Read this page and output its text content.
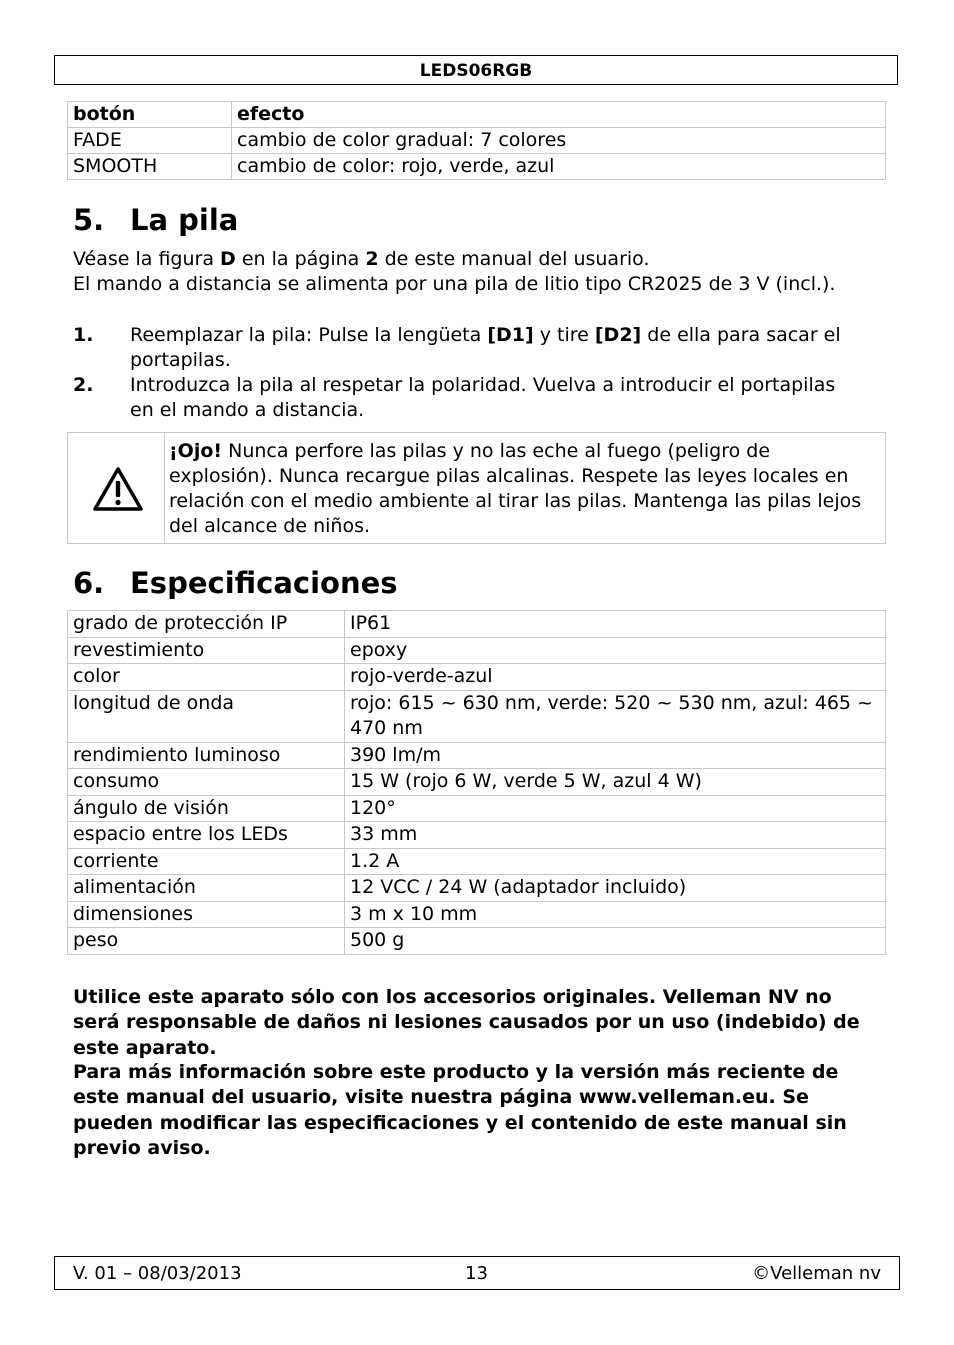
LEDS06RGB
botón	efecto
FADE	cambio de color gradual: 7 colores
SMOOTH	cambio de color: rojo, verde, azul
5. La pila

Véase la figura D en la página 2 de este manual del usuario.

El mando a distancia se alimenta por una pila de litio tipo CR2025 de 3 V (incl.).

1. Reemplazar la pila: Pulse la lengüeta [D1] y tire [D2] de ella para sacar el portapilas.
2. Introduzca la pila al respetar la polaridad. Vuelva a introducir el portapilas en el mando a distancia.
¡Ojo! Nunca perfore las pilas y no las eche al fuego (peligro de explosión). Nunca recargue pilas alcalinas. Respete las leyes locales en relación con el medio ambiente al tirar las pilas. Mantenga las pilas lejos del alcance de niños.
6. Especificaciones
grado de protección IP	IP61
revestimiento	epoxy
color	rojo-verde-azul
longitud de onda	rojo: 615 ~ 630 nm, verde: 520 ~ 530 nm, azul: 465 ~ 470 nm
rendimiento luminoso	390 lm/m
consumo	15 W (rojo 6 W, verde 5 W, azul 4 W)
ángulo de visión	120°
espacio entre los LEDs	33 mm
corriente	1.2 A
alimentación	12 VCC / 24 W (adaptador incluido)
dimensiones	3 m x 10 mm
peso	500 g
Utilice este aparato sólo con los accesorios originales. Velleman NV no será responsable de daños ni lesiones causados por un uso (indebido) de este aparato.
Para más información sobre este producto y la versión más reciente de este manual del usuario, visite nuestra página www.velleman.eu. Se pueden modificar las especificaciones y el contenido de este manual sin previo aviso.
V. 01 – 08/03/2013	13	©Velleman nv
